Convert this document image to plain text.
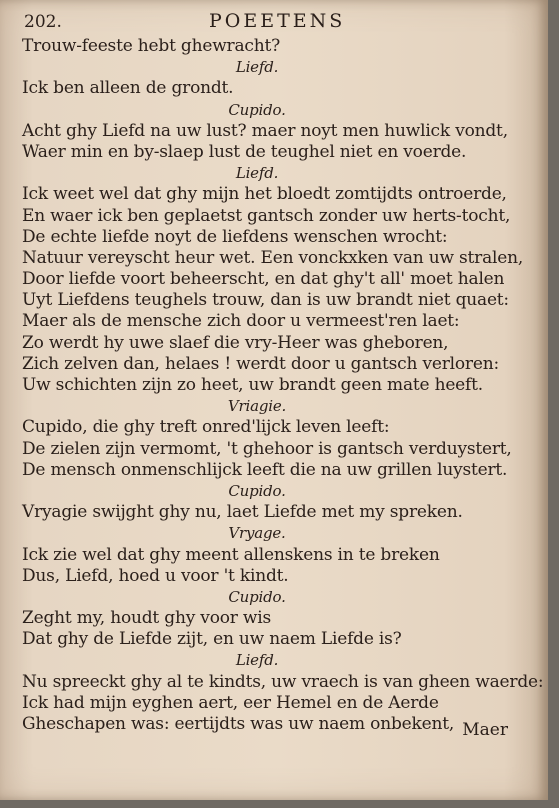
202.	POEETENS
Trouw-feeste hebt ghewracht?
Liefd.
Ick ben alleen de grondt.
Cupido.
Acht ghy Liefd na uw lust? maer noyt men huwlick vondt,
Waer min en by-slaep lust de teughel niet en voerde.
Liefd.
Ick weet wel dat ghy mijn het bloedt zomtijdts ontroerde,
En waer ick ben geplaetst gantsch zonder uw herts-tocht,
De echte liefde noyt de liefdens wenschen wrocht:
Natuur vereyscht heur wet. Een vonckxken van uw stralen,
Door liefde voort beheerscht, en dat ghy't all' moet halen
Uyt Liefdens teughels trouw, dan is uw brandt niet quaet:
Maer als de mensche zich door u vermeest'ren laet:
Zo werdt hy uwe slaef die vry-Heer was gheboren,
Zich zelven dan, helaes ! werdt door u gantsch verloren:
Uw schichten zijn zo heet, uw brandt geen mate heeft.
Vriagie.
Cupido, die ghy treft onred'lijck leven leeft:
De zielen zijn vermomt, 't ghehoor is gantsch verduystert,
De mensch onmenschlijck leeft die na uw grillen luystert.
Cupido.
Vryagie swijght ghy nu, laet Liefde met my spreken.
Vryage.
Ick zie wel dat ghy meent allenskens in te breken
Dus, Liefd, hoed u voor 't kindt.
Cupido.
Zeght my, houdt ghy voor wis
Dat ghy de Liefde zijt, en uw naem Liefde is?
Liefd.
Nu spreeckt ghy al te kindts, uw vraech is van gheen waerde:
Ick had mijn eyghen aert, eer Hemel en de Aerde
Gheschapen was: eertijdts was uw naem onbekent, Maer
